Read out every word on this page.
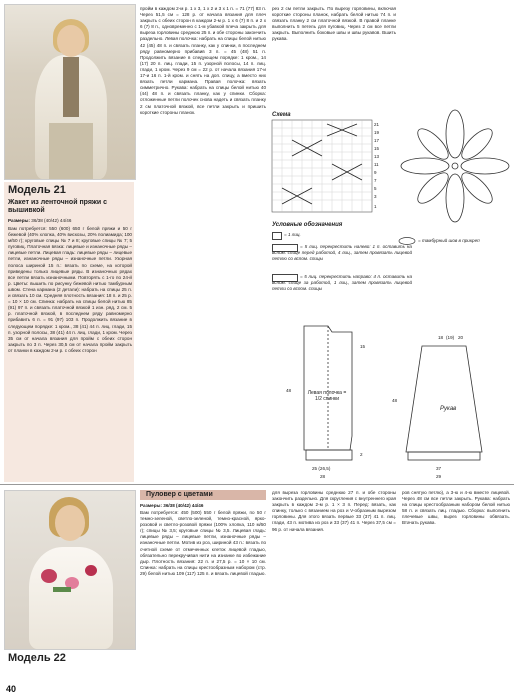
Модель 21
Жакет из ленточной пряжи с вышивкой
Размеры: 36/38 (40/42) 44/46
Вам потребуется: 550 (600) 650 г белой пряжи и 50 г бежевой (40% хлопка, 40% вискозы, 20% полиамида; 100 м/50 г); круговые спицы № 7 и 8; круговые спицы № 7; 5 пуговиц. Платочная вязка: лицевые и изнаночные ряды – лицевые петли. Лицевая гладь: лицевые ряды – лицевые петли, изнаночные ряды – изнаночные петли. Узорная полоса шириной 15 п.: вязать по схеме, на которой приведены только лицевые ряды. В изнаночных рядах все петли вязать изнаночными. Повторять с 1-го по 24-й р. Цветы: вышить по рисунку бежевой нитью тамбурным швом. Стена кармана (2 детали): набрать на спицы 25 п. и связать 10 см. Средняя плотность вязания: 18 п. и 25 р. = 10 × 10 см. Спинка: набрать на спицы белой нитью 85 (91) 97 п. и связать платочной вязкой 1 изн. ряд, 2 см. 5 р. платочной вязкой, в последнем ряду равномерно прибавить 6 п. = 91 (97) 103 п. Продолжить вязание в следующем порядке: 1 кром., 38 (41) 44 п. лиц. глади, 15 п. узорной полосы, 38 (41) 44 п. лиц. глади, 1 кром. Через 35 см от начала вязания для пройм с обеих сторон закрыть по 3 п. Через 30,5 см от начала пройм закрыть от планки в каждом 2-м р. с обеих сторон
пройм в каждом 2-м р. 1 х 3, 1 х 2 и 3 х 1 п. = 71 (77) 83 п. Через 51,5 см = 128 р. от начала вязания для плеч закрыть с обеих сторон в каждом 2-м р. 1 х 6 (7) 8 п. и 2 х 6 (7) 8 п., одновременно с 1-м убавкой плеча закрыть для выреза горловины среднюю 25 п. и обе стороны закончить раздельно. Левая полочка: набрать на спицы белой нитью 42 (45) 48 п. и связать планку, как у спинки, в последнем ряду равномерно прибавив 3 п. = 45 (48) 51 п. Продолжить вязание в следующем порядке: 1 кром., 14 (17) 20 п. лиц. глади, 15 п. узорной полосы, 14 п. лиц. глади, 1 кром. Через 9 см = 22 р. от начала вязания 17-и 17-и 16 п. 1-й кром. и снять на доп. спицу, а вместо них вязать петли кармана. Правая полочка: вязать симметрично. Рукава: набрать на спицы белой нитью 40 (44) 48 п. и связать планку, как у спинки. Сборка: отложенные петли полочек снова надеть и связать планку 2 см платочной вязкой, все петли закрыть и пришить короткие стороны планок.
рез 2 см петли закрыть. По вырезу горловины, включая короткие стороны планок, набрать белой нитью 74 п. и связать планку 2 см платочной вязкой. В правой планке выполнить 5 петель для пуговиц. Через 2 см все петли закрыть. Выполнить боковые швы и швы рукавов. Вшить рукава.
Схема
21
19
17
15
13
11
9
7
5
3
1
Условные обозначения
= 1 лиц.
= 5 лиц. перекрестить налево: 1 п. оставить на вспом. спице перед работой, 4 лиц., затем провязать лицевой петлю со вспом. спицы
= 5 лиц. перекрестить направо: 4 п. оставить на вспом. спице за работой, 1 лиц., затем провязать лицевой петли со вспом. спицы
= тамбурный шов в прикреп
48
15
2
25 (26,5)
28
Левая полочка = 1/2 спинки
18 (19) 20
48
37
29
Рукав
Модель 22
Пуловер с цветами
Размеры: 36/38 (40/42) 44/46
Вам потребуется: 450 (500) 550 г белой пряжи, по 50 г темно-зеленой, светло-зеленой, темно-красной, ярко-розовой и светло-розовой пряжи (100% хлопка, 110 м/50 г); спицы № 3,5; круговые спицы № 3,5. Лицевая гладь: лицевые ряды – лицевые петли, изнаночные ряды – изнаночные петли. Мотив из роз, шириной 43 п.: вязать по счетной схеме от отмеченных клеток лицевой гладью, обязательно перекручивая нити на изнанке во избежание дыр. Плотность вязания: 22 п. и 27,5 р. = 10 × 10 см. Спинка: набрать на спицы крестообразным набором (стр. 29) белой нитью 109 (117) 125 п. и вязать лицевой гладью.
для выреза горловины среднюю 27 п. и обе стороны закончить раздельно. Для скругления с внутреннего края закрыть в каждом 2-м р. 1 × 3 п. Перед: вязать, как спинку, только с вязанием на роз и V-образным вырезом горловины. Для этого вязать первые 33 (37) 41 п. лиц. глади, 43 п. мотива из роз и 33 (37) 41 п. Через 37,5 см = 96 р. от начала вязания.
ров снятую петлю), а 3-ю и 4-ю вместе лицевой. Через 48 см все петли закрыть. Рукава: набрать на спицы крестообразным набором белой нитью 58 п. и связать лиц. гладью. Сборка: выполнить плечевые швы, вырез горловины обвязать. Втачать рукава.
40
